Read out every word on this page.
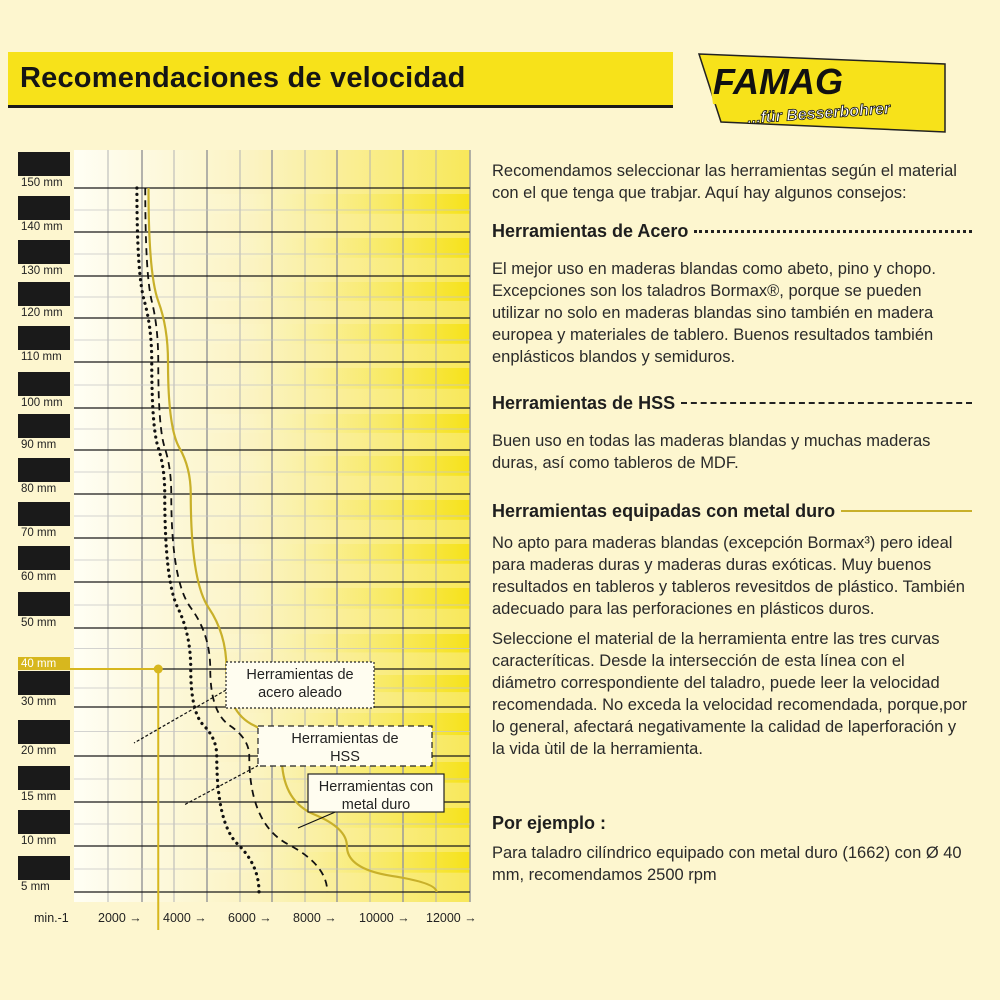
Recomendaciones de velocidad	FAMAG
...für Besserbohrer
5 mm
10 mm
15 mm
20 mm
30 mm
40 mm
50 mm
60 mm
70 mm
80 mm
90 mm
100 mm
110 mm
120 mm
130 mm
140 mm
150 mm
min.-1 2000 → 4000 → 6000 → 8000 → 10000 → 12000 →
Herramientas de acero aleado
Herramientas de HSS
Herramientas con metal duro

Recomendamos seleccionar las herramientas según el material con el que tenga que trabjar. Aquí hay algunos consejos:

Herramientas de Acero

El mejor uso en maderas blandas como abeto, pino y chopo. Excepciones son los taladros Bormax®, porque se pueden utilizar no solo en maderas blandas sino también en madera europea y materiales de tablero. Buenos resultados también enplásticos blandos y semiduros.

Herramientas de HSS

Buen uso en todas las maderas blandas y muchas maderas duras, así como tableros de MDF.

Herramientas equipadas con metal duro

No apto para maderas blandas (excepción Bormax³) pero ideal para maderas duras y maderas duras exóticas. Muy buenos resultados en tableros y tableros revesitdos de plástico. También adecuado para las perforaciones en plásticos duros.

Seleccione el material de la herramienta entre las tres curvas caracteríticas. Desde la intersección de esta línea con el diámetro correspondiente del taladro, puede leer la velocidad recomendada. No exceda la velocidad recomendada, porque,por lo general, afectará negativamente la calidad de laperforación y la vida ùtil de la herramienta.

Por ejemplo :

Para taladro cilíndrico equipado con metal duro (1662) con Ø 40 mm, recomendamos 2500 rpm
